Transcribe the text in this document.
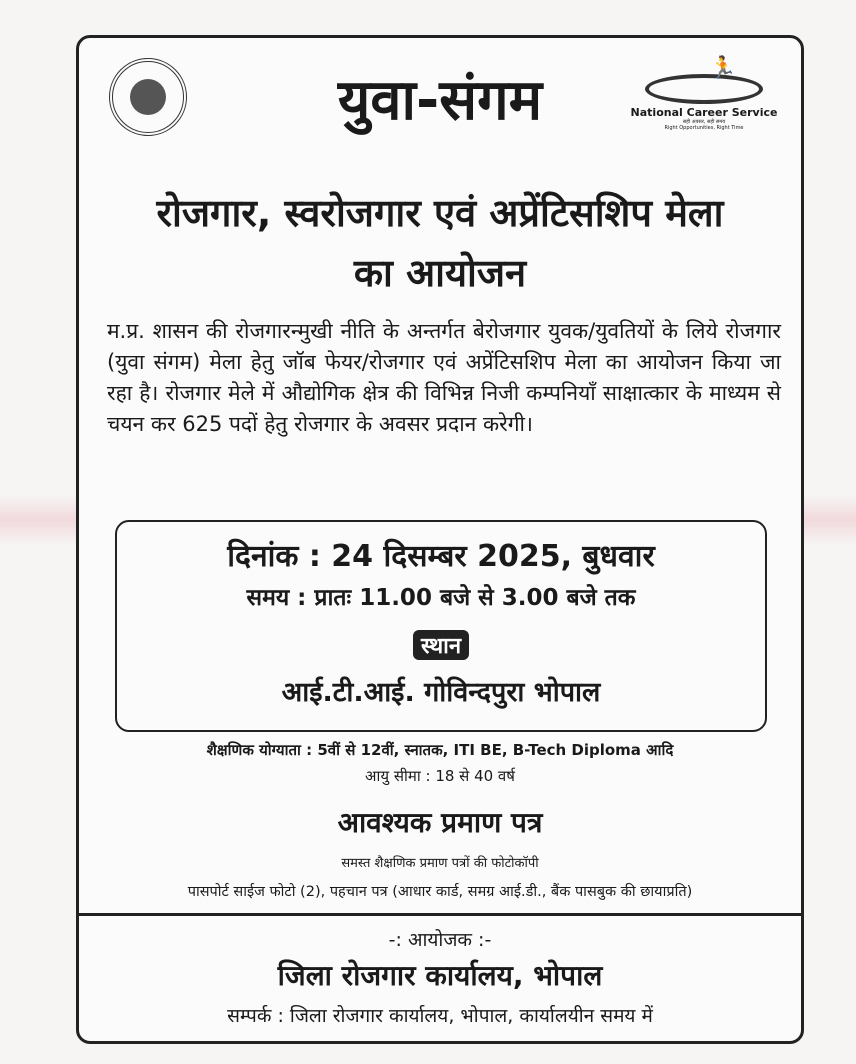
🏃
National Career Service
सही अवसर, सही समय
Right Opportunities, Right Time
युवा-संगम
रोजगार, स्वरोजगार एवं अप्रेंटिसशिप मेला
का आयोजन
म.प्र. शासन की रोजगारन्मुखी नीति के अन्तर्गत बेरोजगार युवक/युवतियों के लिये रोजगार (युवा संगम) मेला हेतु जॉब फेयर/रोजगार एवं अप्रेंटिसशिप मेला का आयोजन किया जा रहा है। रोजगार मेले में औद्योगिक क्षेत्र की विभिन्न निजी कम्पनियाँ साक्षात्कार के माध्यम से चयन कर 625 पदों हेतु रोजगार के अवसर प्रदान करेगी।
दिनांक : 24 दिसम्बर 2025, बुधवार
समय : प्रातः 11.00 बजे से 3.00 बजे तक
स्थान
आई.टी.आई. गोविन्दपुरा भोपाल
शैक्षणिक योग्याता : 5वीं से 12वीं, स्नातक, ITI BE, B-Tech Diploma आदि
आयु सीमा : 18 से 40 वर्ष
आवश्यक प्रमाण पत्र
समस्त शैक्षणिक प्रमाण पत्रों की फोटोकॉपी
पासपोर्ट साईज फोटो (2), पहचान पत्र (आधार कार्ड, समग्र आई.डी., बैंक पासबुक की छायाप्रति)
-: आयोजक :-
जिला रोजगार कार्यालय, भोपाल
सम्पर्क : जिला रोजगार कार्यालय, भोपाल, कार्यालयीन समय में
